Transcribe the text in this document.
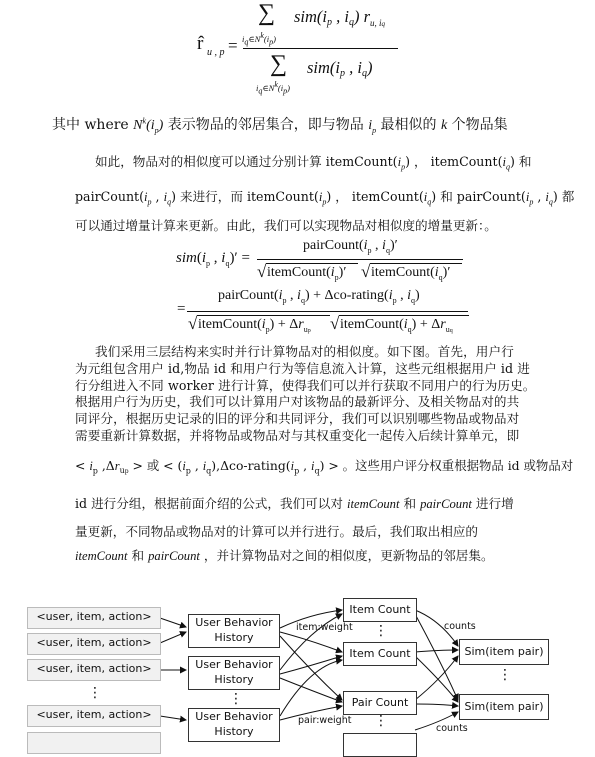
r̂ u , p =
∑
iq∈Nk(ip)
sim(ip , iq) $r_{u, iq}$
∑
iq∈Nk(ip)
sim(ip , iq)
其中 where $N^k(i_p)$ 表示物品的邻居集合，即与物品 $i_p$ 最相似的 k 个物品集
如此，物品对的相似度可以通过分别计算 $itemCount(i_p)$ ， $itemCount(i_q)$ 和
$pairCount(i_p$ , $i_q$) 来进行，而 $itemCount(i_p)$ ， $itemCount(i_q)$ 和 $pairCount(i_p$ , $i_q$) 都
可以通过增量计算来更新。由此，我们可以实现物品对相似度的增量更新：。
$sim(i_p$ , $i_q)'$ =
$pairCount(i_p$ , $i_q)'$
√ $itemCount(i_p)'$ √ $itemCount(i_q)'$
=
$pairCount(i_p$ , $i_q$) + Δco-$rating(i_p$ , $i_q$)
√ $itemCount(i_p) + \Delta r_{up}$ √ $itemCount(i_q) + \Delta r_{uq}$
我们采用三层结构来实时并行计算物品对的相似度。如下图。首先，用户行
为元组包含用户 id,物品 id 和用户行为等信息流入计算，这些元组根据用户 id 进
行分组进入不同 worker 进行计算，使得我们可以并行获取不同用户的行为历史。
根据用户行为历史，我们可以计算用户对该物品的最新评分、及相关物品对的共
同评分，根据历史记录的旧的评分和共同评分，我们可以识别哪些物品或物品对
需要重新计算数据，并将物品或物品对与其权重变化一起传入后续计算单元，即
< $i_p$ $,\Delta r_{up}$ > 或 < ($i_p$ , $i_q),\Delta co-rating(i_p$ , $i_q$) > 。这些用户评分权重根据物品 id 或物品对
id 进行分组，根据前面介绍的公式，我们可以对 itemCount 和 pairCount 进行增
量更新，不同物品或物品对的计算可以并行进行。最后，我们取出相应的
itemCount 和 pairCount ，并计算物品对之间的相似度，更新物品的邻居集。
<user, item, action>
<user, item, action>
<user, item, action>
⋮
<user, item, action>
User Behavior History
User Behavior History
⋮
User Behavior History
item:weight
pair:weight
counts
counts
Item Count
⋮
Item Count
Pair Count
⋮
Sim(item pair)
⋮
Sim(item pair)
